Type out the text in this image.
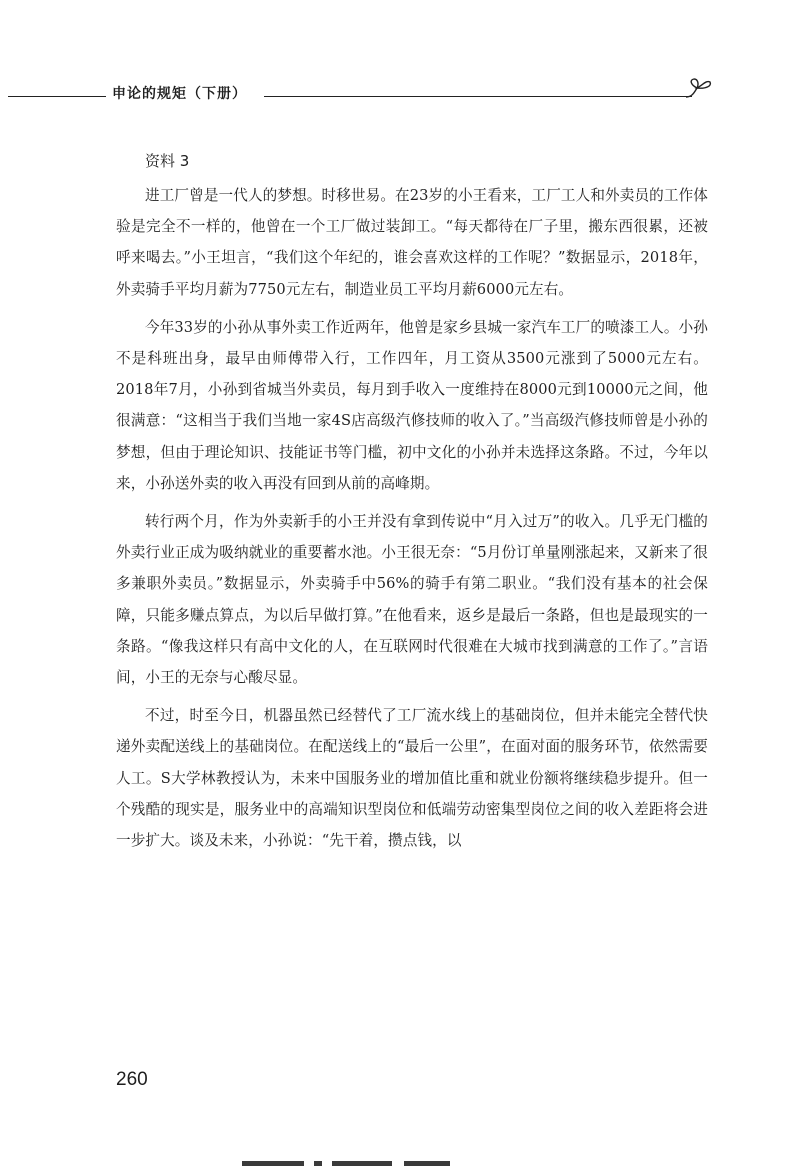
申论的规矩（下册）
资料 3

进工厂曾是一代人的梦想。时移世易。在23岁的小王看来，工厂工人和外卖员的工作体验是完全不一样的，他曾在一个工厂做过装卸工。“每天都待在厂子里，搬东西很累，还被呼来喝去。”小王坦言，“我们这个年纪的，谁会喜欢这样的工作呢？”数据显示，2018年，外卖骑手平均月薪为7750元左右，制造业员工平均月薪6000元左右。

今年33岁的小孙从事外卖工作近两年，他曾是家乡县城一家汽车工厂的喷漆工人。小孙不是科班出身，最早由师傅带入行，工作四年，月工资从3500元涨到了5000元左右。2018年7月，小孙到省城当外卖员，每月到手收入一度维持在8000元到10000元之间，他很满意：“这相当于我们当地一家4S店高级汽修技师的收入了。”当高级汽修技师曾是小孙的梦想，但由于理论知识、技能证书等门槛，初中文化的小孙并未选择这条路。不过，今年以来，小孙送外卖的收入再没有回到从前的高峰期。

转行两个月，作为外卖新手的小王并没有拿到传说中“月入过万”的收入。几乎无门槛的外卖行业正成为吸纳就业的重要蓄水池。小王很无奈：“5月份订单量刚涨起来，又新来了很多兼职外卖员。”数据显示，外卖骑手中56%的骑手有第二职业。“我们没有基本的社会保障，只能多赚点算点，为以后早做打算。”在他看来，返乡是最后一条路，但也是最现实的一条路。“像我这样只有高中文化的人，在互联网时代很难在大城市找到满意的工作了。”言语间，小王的无奈与心酸尽显。

不过，时至今日，机器虽然已经替代了工厂流水线上的基础岗位，但并未能完全替代快递外卖配送线上的基础岗位。在配送线上的“最后一公里”，在面对面的服务环节，依然需要人工。S大学林教授认为，未来中国服务业的增加值比重和就业份额将继续稳步提升。但一个残酷的现实是，服务业中的高端知识型岗位和低端劳动密集型岗位之间的收入差距将会进一步扩大。谈及未来，小孙说：“先干着，攒点钱，以

260
